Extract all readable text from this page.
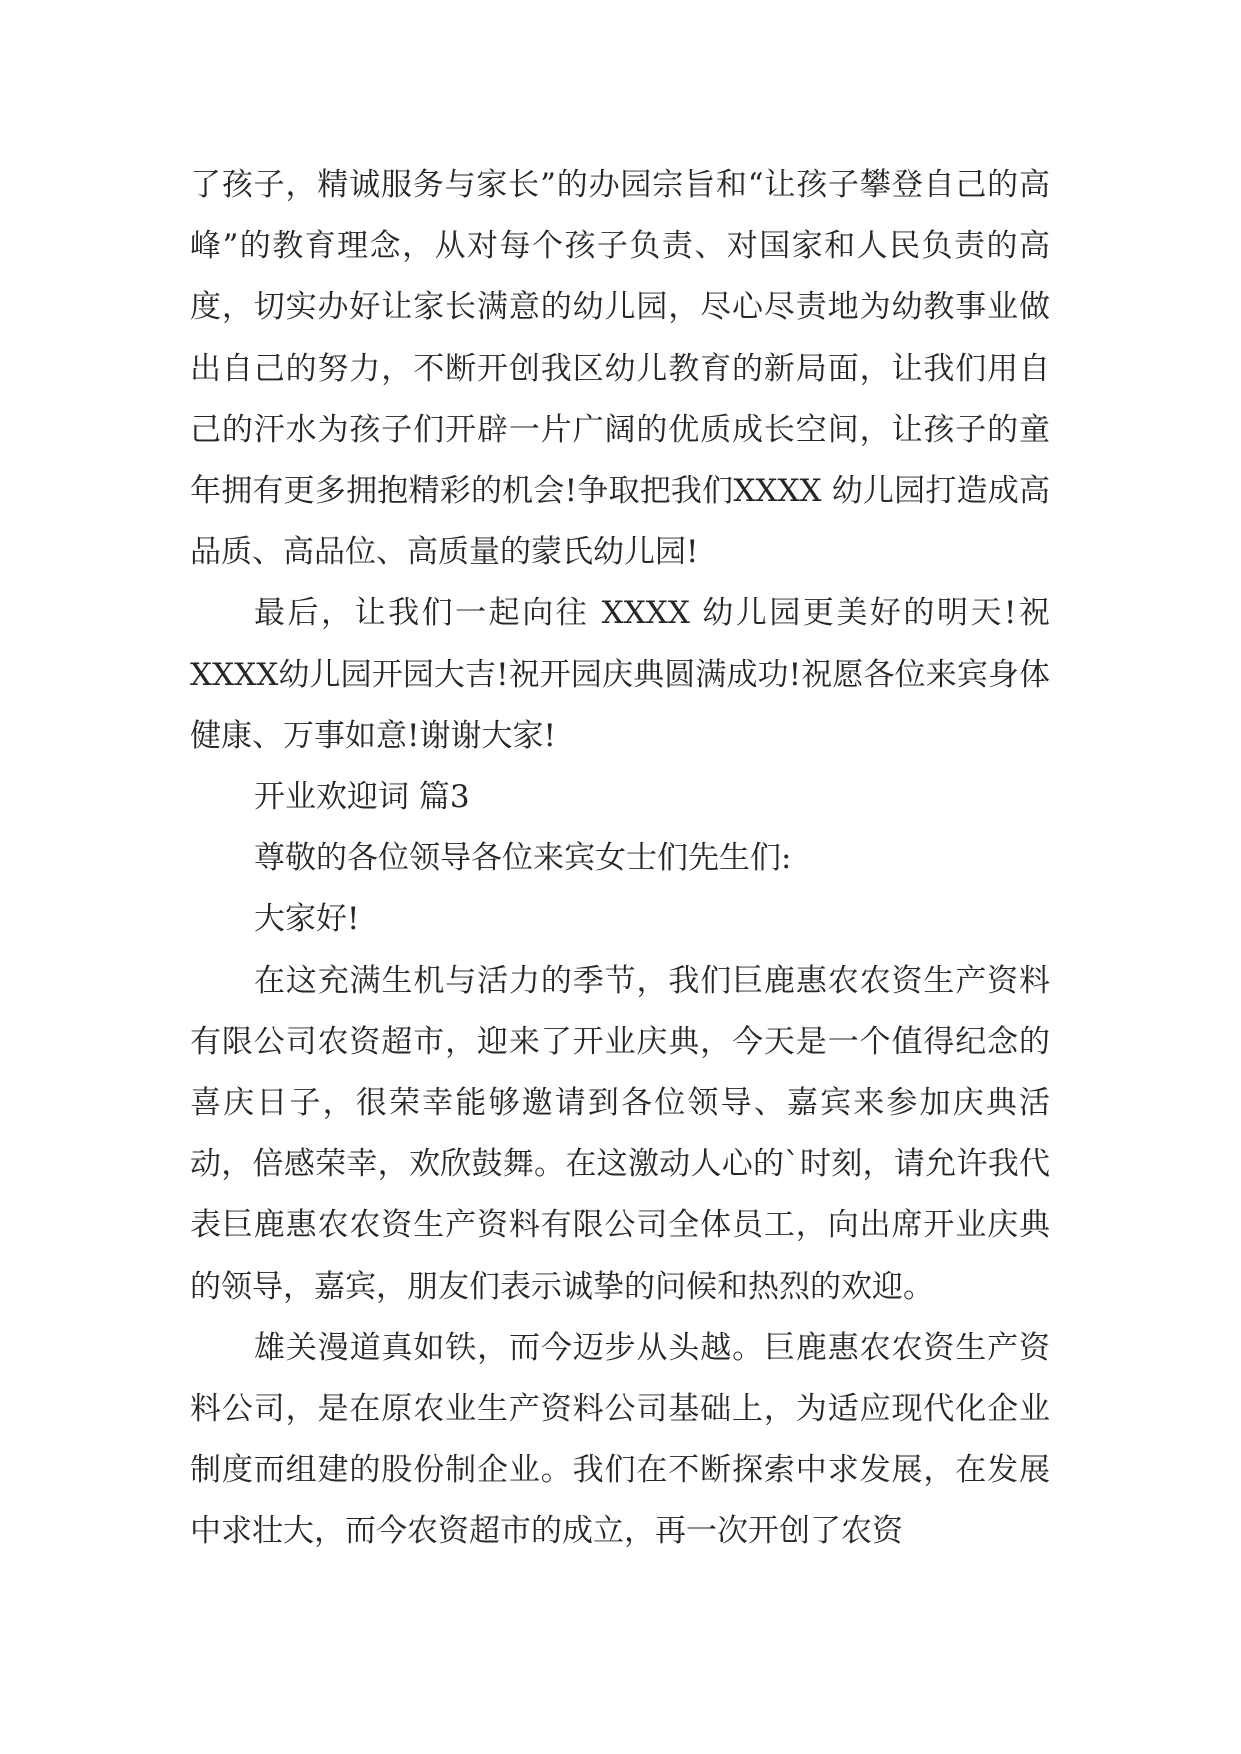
了孩子，精诚服务与家长”的办园宗旨和“让孩子攀登自己的高峰”的教育理念，从对每个孩子负责、对国家和人民负责的高度，切实办好让家长满意的幼儿园，尽心尽责地为幼教事业做出自己的努力，不断开创我区幼儿教育的新局面，让我们用自己的汗水为孩子们开辟一片广阔的优质成长空间，让孩子的童年拥有更多拥抱精彩的机会!争取把我们XXXX 幼儿园打造成高品质、高品位、高质量的蒙氏幼儿园!

最后，让我们一起向往 XXXX 幼儿园更美好的明天!祝XXXX幼儿园开园大吉!祝开园庆典圆满成功!祝愿各位来宾身体健康、万事如意!谢谢大家!

开业欢迎词 篇3

尊敬的各位领导各位来宾女士们先生们:

大家好!

在这充满生机与活力的季节，我们巨鹿惠农农资生产资料有限公司农资超市，迎来了开业庆典，今天是一个值得纪念的喜庆日子，很荣幸能够邀请到各位领导、嘉宾来参加庆典活动，倍感荣幸，欢欣鼓舞。在这激动人心的`时刻，请允许我代表巨鹿惠农农资生产资料有限公司全体员工，向出席开业庆典的领导，嘉宾，朋友们表示诚挚的问候和热烈的欢迎。

雄关漫道真如铁，而今迈步从头越。巨鹿惠农农资生产资料公司，是在原农业生产资料公司基础上，为适应现代化企业制度而组建的股份制企业。我们在不断探索中求发展，在发展中求壮大，而今农资超市的成立，再一次开创了农资
